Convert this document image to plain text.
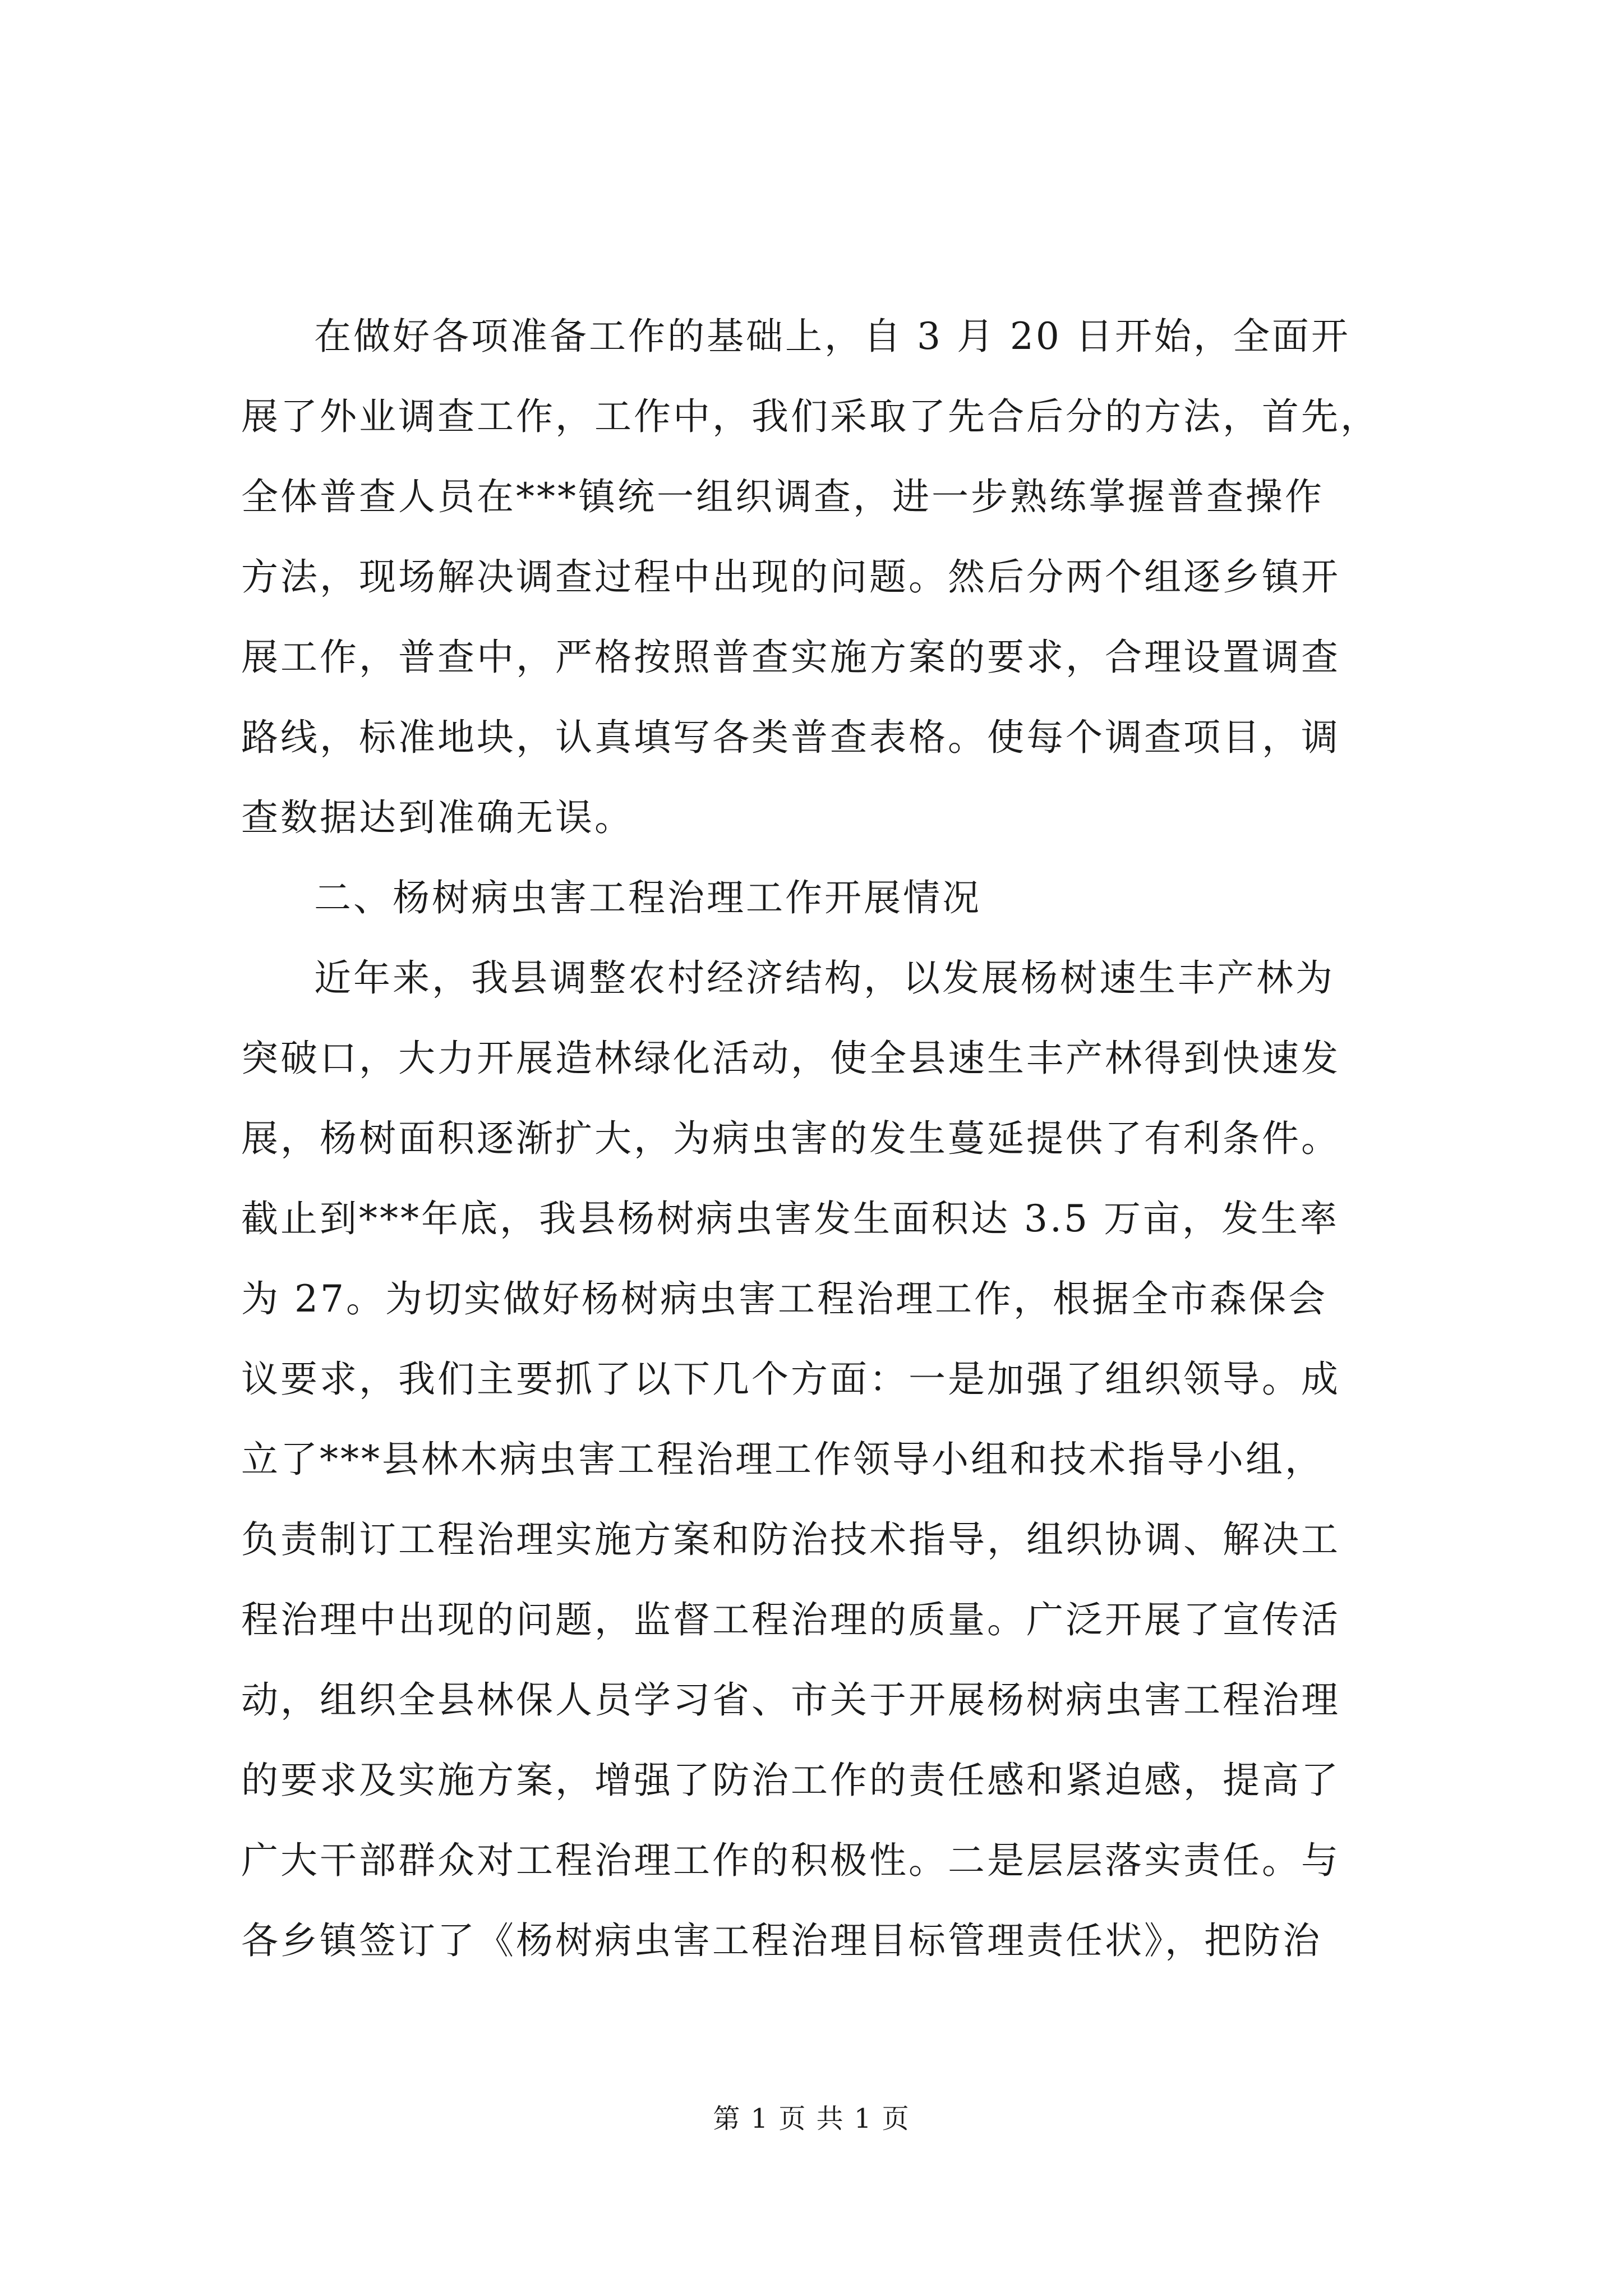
在做好各项准备工作的基础上，自 3 月 20 日开始，全面开
展了外业调查工作，工作中，我们采取了先合后分的方法，首先，
全体普查人员在***镇统一组织调查，进一步熟练掌握普查操作
方法，现场解决调查过程中出现的问题。然后分两个组逐乡镇开
展工作，普查中，严格按照普查实施方案的要求，合理设置调查
路线，标准地块，认真填写各类普查表格。使每个调查项目，调
查数据达到准确无误。
二、杨树病虫害工程治理工作开展情况
近年来，我县调整农村经济结构，以发展杨树速生丰产林为
突破口，大力开展造林绿化活动，使全县速生丰产林得到快速发
展，杨树面积逐渐扩大，为病虫害的发生蔓延提供了有利条件。
截止到***年底，我县杨树病虫害发生面积达 3.5 万亩，发生率
为 27。为切实做好杨树病虫害工程治理工作，根据全市森保会
议要求，我们主要抓了以下几个方面：一是加强了组织领导。成
立了***县林木病虫害工程治理工作领导小组和技术指导小组，
负责制订工程治理实施方案和防治技术指导，组织协调、解决工
程治理中出现的问题，监督工程治理的质量。广泛开展了宣传活
动，组织全县林保人员学习省、市关于开展杨树病虫害工程治理
的要求及实施方案，增强了防治工作的责任感和紧迫感，提高了
广大干部群众对工程治理工作的积极性。二是层层落实责任。与
各乡镇签订了《杨树病虫害工程治理目标管理责任状》，把防治
第 1 页 共 1 页
